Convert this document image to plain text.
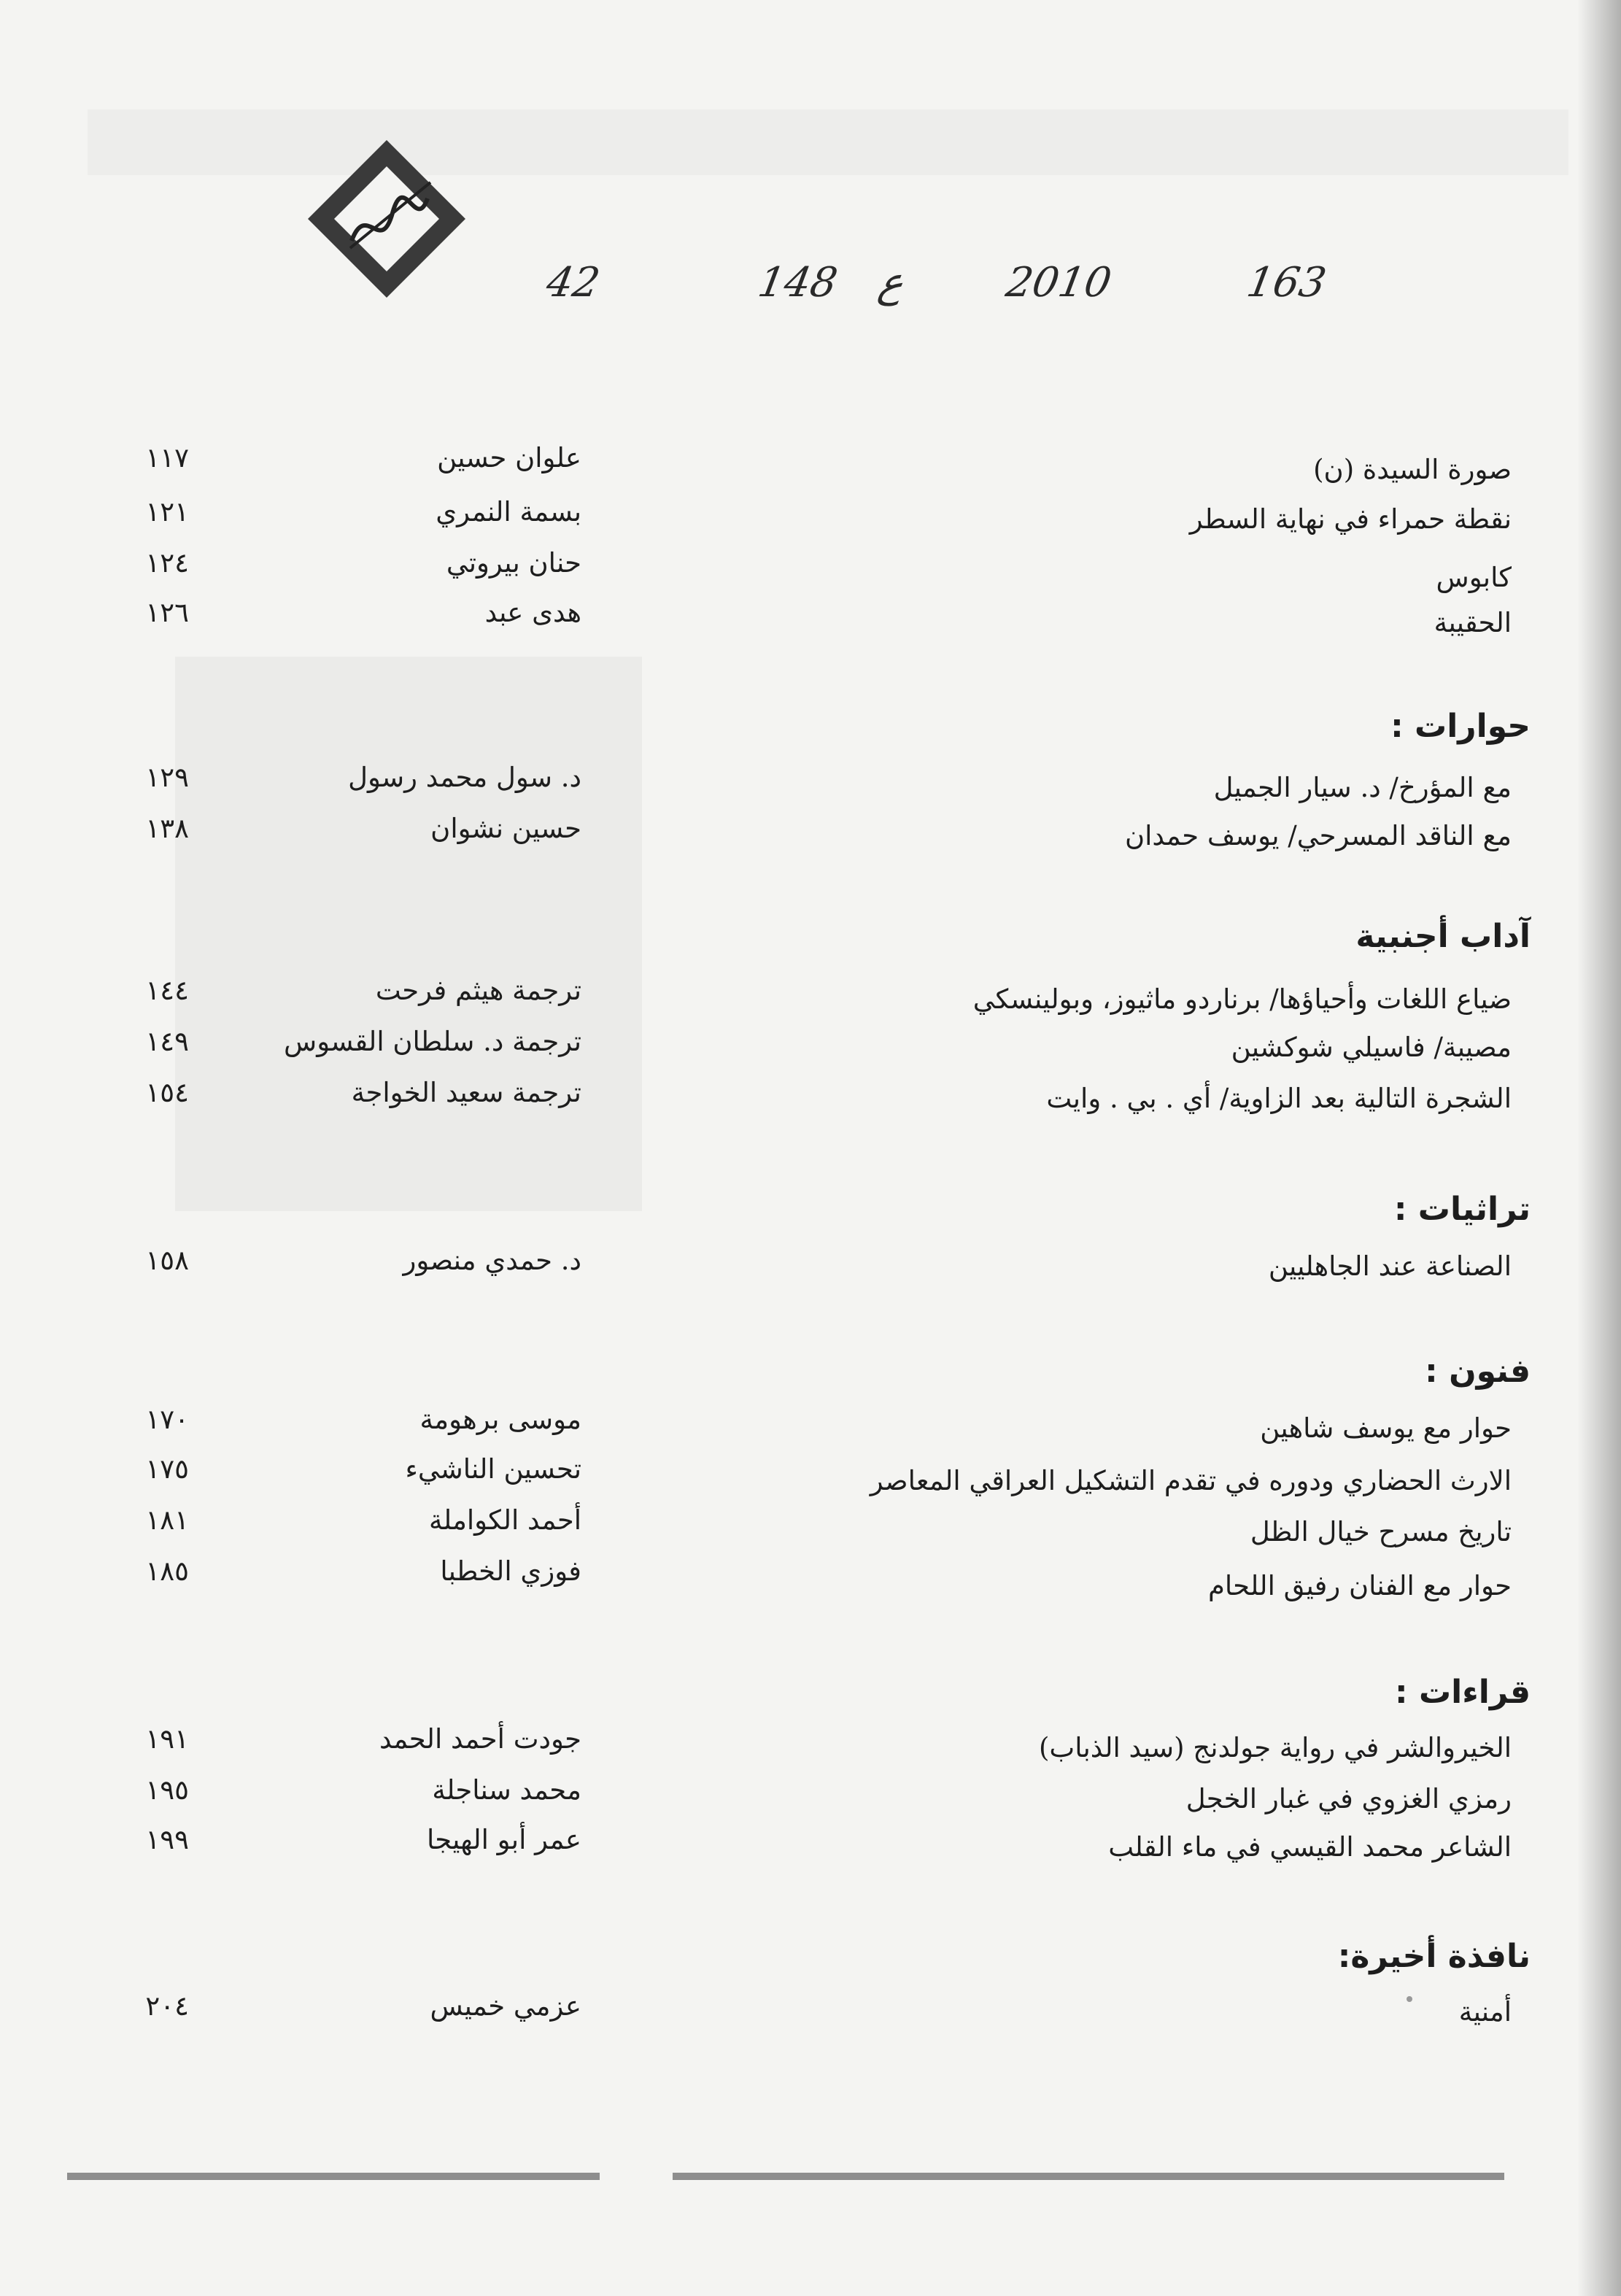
42	148 ع 2010	163
صورة السيدة (ن)
نقطة حمراء في نهاية السطر
كابوس
الحقيبة
حوارات :
مع المؤرخ/ د. سيار الجميل
مع الناقد المسرحي/ يوسف حمدان
آداب أجنبية
ضياع اللغات وأحياؤها/ برناردو ماثيوز، وبولينسكي
مصيبة/ فاسيلي شوكشين
الشجرة التالية بعد الزاوية/ أي . بي . وايت
تراثيات :
الصناعة عند الجاهليين
فنون :
حوار مع يوسف شاهين
الارث الحضاري ودوره في تقدم التشكيل العراقي المعاصر
تاريخ مسرح خيال الظل
حوار مع الفنان رفيق اللحام
قراءات :
الخيروالشر في رواية جولدنج (سيد الذباب)
رمزي الغزوي في غبار الخجل
الشاعر محمد القيسي في ماء القلب
نافذة أخيرة:
أمنية
علوان حسين
١١٧
بسمة النمري
١٢١
حنان بيروتي
١٢٤
هدى عبد
١٢٦
د. سول محمد رسول
١٢٩
حسين نشوان
١٣٨
ترجمة هيثم فرحت
١٤٤
ترجمة د. سلطان القسوس
١٤٩
ترجمة سعيد الخواجة
١٥٤
د. حمدي منصور
١٥٨
موسى برهومة
١٧٠
تحسين الناشيء
١٧٥
أحمد الكواملة
١٨١
فوزي الخطبا
١٨٥
جودت أحمد الحمد
١٩١
محمد سناجلة
١٩٥
عمر أبو الهيجا
١٩٩
عزمي خميس
٢٠٤
